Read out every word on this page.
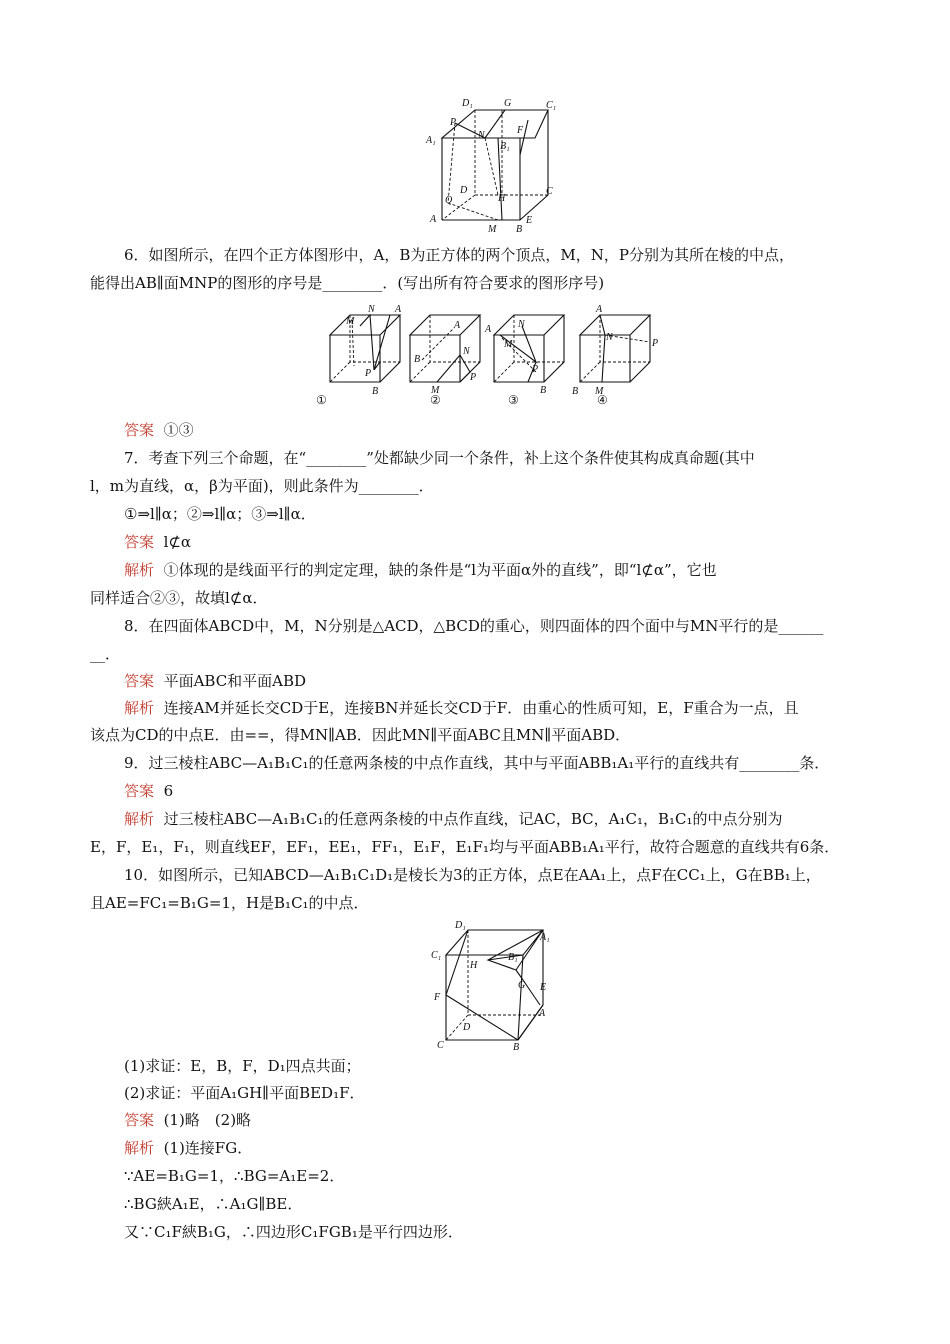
D₁	G	C₁
P
N	F
A₁
B₁
D	C
Q	H
A
M B
E
6．如图所示，在四个正方体图形中，A，B为正方体的两个顶点，M，N，P分别为其所在棱的中点，
能得出AB∥面MNP的图形的序号是________．(写出所有符合要求的图形序号)
M
N A
P
B
①
A
B
N
M
P
②
A
M
N
P
B
③
A
N
P
B M
④
答案 ①③
7．考查下列三个命题，在“________”处都缺少同一个条件，补上这个条件使其构成真命题(其中
l，m为直线，α，β为平面)，则此条件为________．
①⇒l∥α；②⇒l∥α；③⇒l∥α．
答案 l⊄α
解析 ①体现的是线面平行的判定定理，缺的条件是“l为平面α外的直线”，即“l⊄α”，它也
同样适合②③，故填l⊄α．
8．在四面体ABCD中，M，N分别是△ACD，△BCD的重心，则四面体的四个面中与MN平行的是______
__．
答案 平面ABC和平面ABD
解析 连接AM并延长交CD于E，连接BN并延长交CD于F．由重心的性质可知，E，F重合为一点，且
该点为CD的中点E．由==，得MN∥AB．因此MN∥平面ABC且MN∥平面ABD．
9．过三棱柱ABC—A₁B₁C₁的任意两条棱的中点作直线，其中与平面ABB₁A₁平行的直线共有________条．
答案 6
解析 过三棱柱ABC—A₁B₁C₁的任意两条棱的中点作直线，记AC，BC，A₁C₁，B₁C₁的中点分别为
E，F，E₁，F₁，则直线EF，EF₁，EE₁，FF₁，E₁F，E₁F₁均与平面ABB₁A₁平行，故符合题意的直线共有6条．
10．如图所示，已知ABCD—A₁B₁C₁D₁是棱长为3的正方体，点E在AA₁上，点F在CC₁上，G在BB₁上，
且AE=FC₁=B₁G=1，H是B₁C₁的中点．
D₁
A₁
C₁
H
B₁
G E
F
D
A
C	B
(1)求证：E，B，F，D₁四点共面；
(2)求证：平面A₁GH∥平面BED₁F．
答案 (1)略　(2)略
解析 (1)连接FG．
∵AE=B₁G=1，∴BG=A₁E=2．
∴BG綊A₁E，∴A₁G∥BE．
又∵C₁F綊B₁G，∴四边形C₁FGB₁是平行四边形．
